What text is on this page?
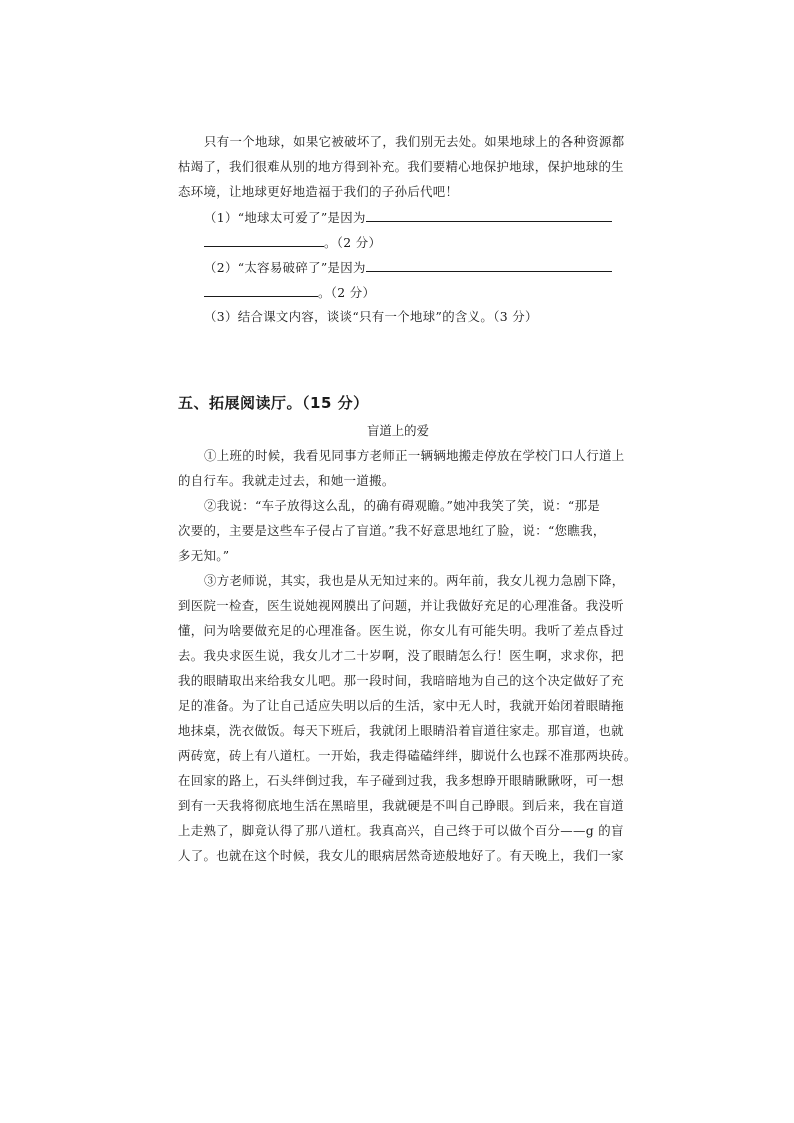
只有一个地球，如果它被破坏了，我们别无去处。如果地球上的各种资源都
枯竭了，我们很难从别的地方得到补充。我们要精心地保护地球，保护地球的生
态环境，让地球更好地造福于我们的子孙后代吧！
（1）“地球太可爱了”是因为
。（2 分）
（2）“太容易破碎了”是因为
。（2 分）
（3）结合课文内容，谈谈“只有一个地球”的含义。（3 分）
五、拓展阅读厅。（15 分）
盲道上的爱
①上班的时候，我看见同事方老师正一辆辆地搬走停放在学校门口人行道上
的自行车。我就走过去，和她一道搬。
②我说：“车子放得这么乱，的确有碍观瞻。”她冲我笑了笑，说：“那是
次要的，主要是这些车子侵占了盲道。”我不好意思地红了脸，说：“您瞧我，
多无知。”
③方老师说，其实，我也是从无知过来的。两年前，我女儿视力急剧下降，
到医院一检查，医生说她视网膜出了问题，并让我做好充足的心理准备。我没听
懂，问为啥要做充足的心理准备。医生说，你女儿有可能失明。我听了差点昏过
去。我央求医生说，我女儿才二十岁啊，没了眼睛怎么行！医生啊，求求你，把
我的眼睛取出来给我女儿吧。那一段时间，我暗暗地为自己的这个决定做好了充
足的准备。为了让自己适应失明以后的生活，家中无人时，我就开始闭着眼睛拖
地抹桌，洗衣做饭。每天下班后，我就闭上眼睛沿着盲道往家走。那盲道，也就
两砖宽，砖上有八道杠。一开始，我走得磕磕绊绊，脚说什么也踩不准那两块砖。
在回家的路上，石头绊倒过我，车子碰到过我，我多想睁开眼睛瞅瞅呀，可一想
到有一天我将彻底地生活在黑暗里，我就硬是不叫自己睁眼。到后来，我在盲道
上走熟了，脚竟认得了那八道杠。我真高兴，自己终于可以做个百分——g 的盲
人了。也就在这个时候，我女儿的眼病居然奇迹般地好了。有天晚上，我们一家
